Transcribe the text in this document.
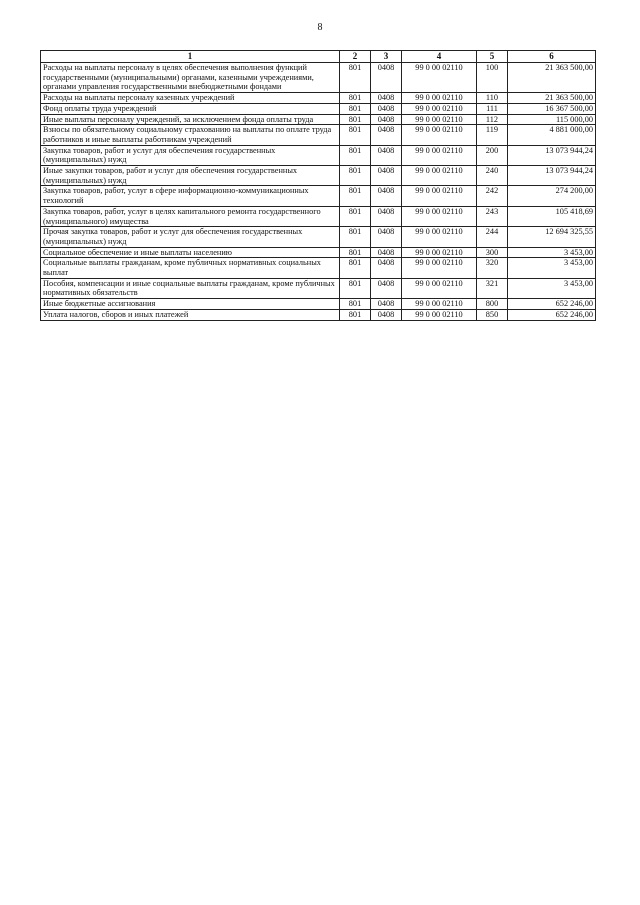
8
1	2	3	4	5	6
Расходы на выплаты персоналу в целях обеспечения выполнения функций государственными (муниципальными) органами, казенными учреждениями, органами управления государственными внебюджетными фондами	801	0408	99 0 00 02110	100	21 363 500,00
Расходы на выплаты персоналу казенных учреждений	801	0408	99 0 00 02110	110	21 363 500,00
Фонд оплаты труда учреждений	801	0408	99 0 00 02110	111	16 367 500,00
Иные выплаты персоналу учреждений, за исключением фонда оплаты труда	801	0408	99 0 00 02110	112	115 000,00
Взносы по обязательному социальному страхованию на выплаты по оплате труда работников и иные выплаты работникам учреждений	801	0408	99 0 00 02110	119	4 881 000,00
Закупка товаров, работ и услуг для обеспечения государственных (муниципальных) нужд	801	0408	99 0 00 02110	200	13 073 944,24
Иные закупки товаров, работ и услуг для обеспечения государственных (муниципальных) нужд	801	0408	99 0 00 02110	240	13 073 944,24
Закупка товаров, работ, услуг в сфере информационно-коммуникационных технологий	801	0408	99 0 00 02110	242	274 200,00
Закупка товаров, работ, услуг в целях капитального ремонта государственного (муниципального) имущества	801	0408	99 0 00 02110	243	105 418,69
Прочая закупка товаров, работ и услуг для обеспечения государственных (муниципальных) нужд	801	0408	99 0 00 02110	244	12 694 325,55
Социальное обеспечение и иные выплаты населению	801	0408	99 0 00 02110	300	3 453,00
Социальные выплаты гражданам, кроме публичных нормативных социальных выплат	801	0408	99 0 00 02110	320	3 453,00
Пособия, компенсации и иные социальные выплаты гражданам, кроме публичных нормативных обязательств	801	0408	99 0 00 02110	321	3 453,00
Иные бюджетные ассигнования	801	0408	99 0 00 02110	800	652 246,00
Уплата налогов, сборов и иных платежей	801	0408	99 0 00 02110	850	652 246,00
